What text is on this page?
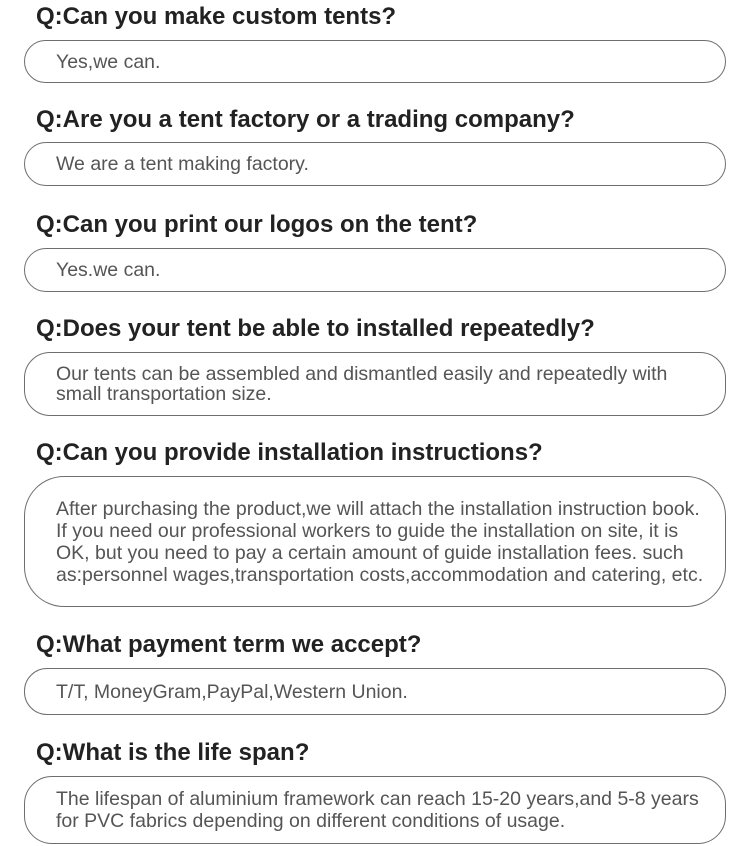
Q:Can you make custom tents?
Yes,we can.
Q:Are you a tent factory or a trading company?
We are a tent making factory.
Q:Can you print our logos on the tent?
Yes.we can.
Q:Does your tent be able to installed repeatedly?
Our tents can be assembled and dismantled easily and repeatedly with small transportation size.
Q:Can you provide installation instructions?
After purchasing the product,we will attach the installation instruction book. If you need our professional workers to guide the installation on site, it is OK, but you need to pay a certain amount of guide installation fees. such as:personnel wages,transportation costs,accommodation and catering, etc.
Q:What payment term we accept?
T/T, MoneyGram,PayPal,Western Union.
Q:What is the life span?
The lifespan of aluminium framework can reach 15-20 years,and 5-8 years for PVC fabrics depending on different conditions of usage.
